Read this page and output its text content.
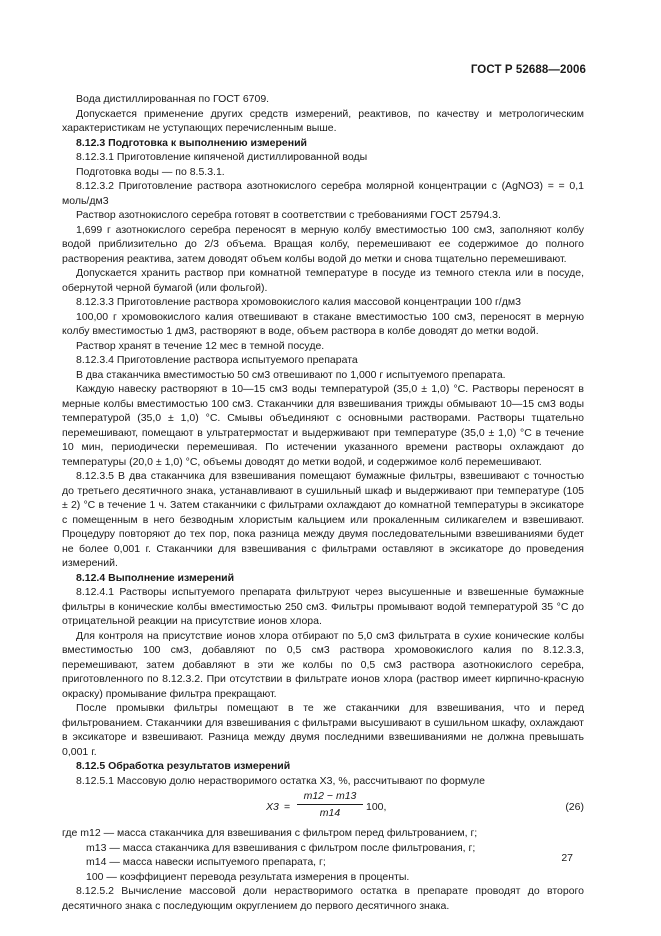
ГОСТ Р 52688—2006

Вода дистиллированная по ГОСТ 6709.

Допускается применение других средств измерений, реактивов, по качеству и метрологическим характеристикам не уступающих перечисленным выше.

8.12.3 Подготовка к выполнению измерений

8.12.3.1 Приготовление кипяченой дистиллированной воды

Подготовка воды — по 8.5.3.1.

8.12.3.2 Приготовление раствора азотнокислого серебра молярной концентрации c (AgNO3) = = 0,1 моль/дм3

Раствор азотнокислого серебра готовят в соответствии с требованиями ГОСТ 25794.3.

1,699 г азотнокислого серебра переносят в мерную колбу вместимостью 100 см3, заполняют колбу водой приблизительно до 2/3 объема. Вращая колбу, перемешивают ее содержимое до полного растворения реактива, затем доводят объем колбы водой до метки и снова тщательно перемешивают.

Допускается хранить раствор при комнатной температуре в посуде из темного стекла или в посуде, обернутой черной бумагой (или фольгой).

8.12.3.3 Приготовление раствора хромовокислого калия массовой концентрации 100 г/дм3

100,00 г хромовокислого калия отвешивают в стакане вместимостью 100 см3, переносят в мерную колбу вместимостью 1 дм3, растворяют в воде, объем раствора в колбе доводят до метки водой.

Раствор хранят в течение 12 мес в темной посуде.

8.12.3.4 Приготовление раствора испытуемого препарата

В два стаканчика вместимостью 50 см3 отвешивают по 1,000 г испытуемого препарата.

Каждую навеску растворяют в 10—15 см3 воды температурой (35,0 ± 1,0) °С. Растворы переносят в мерные колбы вместимостью 100 см3. Стаканчики для взвешивания трижды обмывают 10—15 см3 воды температурой (35,0 ± 1,0) °С. Смывы объединяют с основными растворами. Растворы тщательно перемешивают, помещают в ультратермостат и выдерживают при температуре (35,0 ± 1,0) °С в течение 10 мин, периодически перемешивая. По истечении указанного времени растворы охлаждают до температуры (20,0 ± 1,0) °С, объемы доводят до метки водой, и содержимое колб перемешивают.

8.12.3.5 В два стаканчика для взвешивания помещают бумажные фильтры, взвешивают с точностью до третьего десятичного знака, устанавливают в сушильный шкаф и выдерживают при температуре (105 ± 2) °С в течение 1 ч. Затем стаканчики с фильтрами охлаждают до комнатной температуры в эксикаторе с помещенным в него безводным хлористым кальцием или прокаленным силикагелем и взвешивают. Процедуру повторяют до тех пор, пока разница между двумя последовательными взвешиваниями будет не более 0,001 г. Стаканчики для взвешивания с фильтрами оставляют в эксикаторе до проведения измерений.

8.12.4 Выполнение измерений

8.12.4.1 Растворы испытуемого препарата фильтруют через высушенные и взвешенные бумажные фильтры в конические колбы вместимостью 250 см3. Фильтры промывают водой температурой 35 °С до отрицательной реакции на присутствие ионов хлора.

Для контроля на присутствие ионов хлора отбирают по 5,0 см3 фильтрата в сухие конические колбы вместимостью 100 см3, добавляют по 0,5 см3 раствора хромовокислого калия по 8.12.3.3, перемешивают, затем добавляют в эти же колбы по 0,5 см3 раствора азотнокислого серебра, приготовленного по 8.12.3.2. При отсутствии в фильтрате ионов хлора (раствор имеет кирпично-красную окраску) промывание фильтра прекращают.

После промывки фильтры помещают в те же стаканчики для взвешивания, что и перед фильтрованием. Стаканчики для взвешивания с фильтрами высушивают в сушильном шкафу, охлаждают в эксикаторе и взвешивают. Разница между двумя последними взвешиваниями не должна превышать 0,001 г.

8.12.5 Обработка результатов измерений

8.12.5.1 Массовую долю нерастворимого остатка X3, %, рассчитывают по формуле

X3 =
m12 − m13
m14	100,	(26)

где m12 — масса стаканчика для взвешивания с фильтром перед фильтрованием, г;

m13 — масса стаканчика для взвешивания с фильтром после фильтрования, г;

m14 — масса навески испытуемого препарата, г;

100 — коэффициент перевода результата измерения в проценты.

8.12.5.2 Вычисление массовой доли нерастворимого остатка в препарате проводят до второго десятичного знака с последующим округлением до первого десятичного знака.

27
